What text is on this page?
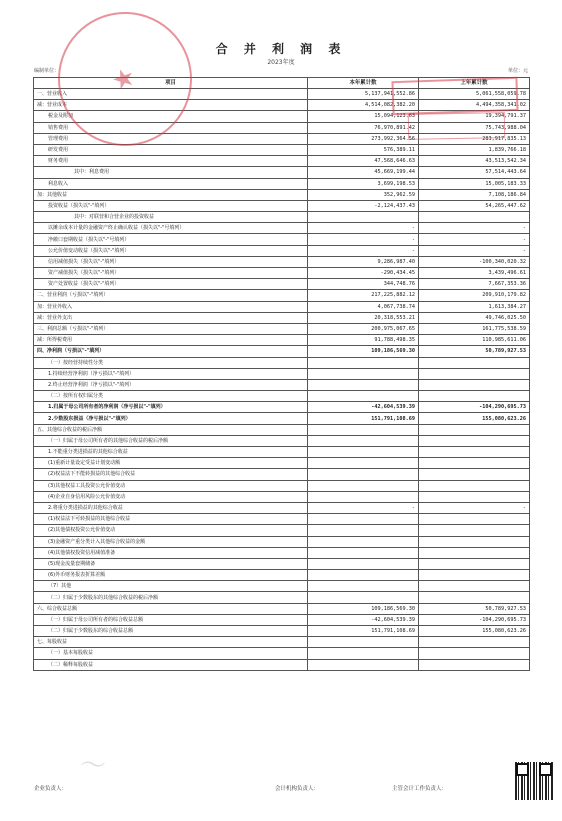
合 并 利 润 表
2023年度
编制单位：	单位：元
项目	本年累计数	上年累计数
一、营业收入	5,137,941,552.86	5,061,558,059.78
减：营业成本	4,514,082,382.20	4,494,358,341.02
税金及附加	15,094,123.63	19,394,791.37
销售费用	76,970,891.42	75,743,988.04
管理费用	273,992,364.56	283,917,835.13
研发费用	576,389.11	1,839,766.18
财务费用	47,568,646.63	43,513,542.34
其中：利息费用	45,669,199.44	57,514,443.64
利息收入	3,699,198.53	15,005,183.33
加：其他收益	352,962.59	7,108,186.84
投资收益（损失以"-"填列）	-2,124,437.43	54,265,447.62
其中：对联营和合营企业的投资收益		
以摊余成本计量的金融资产终止确认收益（损失以"-"号填列）	-	-
净敞口套期收益（损失以"-"号填列）	-	-
公允价值变动收益（损失以"-"填列）	-	-
信用减值损失（损失以"-"填列）	9,286,987.40	-100,340,020.32
资产减值损失（损失以"-"填列）	-290,434.45	3,439,496.61
资产处置收益（损失以"-"填列）	344,748.76	7,667,353.36
二、营业利润（亏损以"-"填列）	217,225,882.12	209,910,179.82
加：营业外收入	4,067,738.74	1,613,384.27
减：营业外支出	20,318,553.21	49,746,025.50
三、利润总额（亏损以"-"填列）	200,975,067.65	161,775,538.59
减：所得税费用	91,788,498.35	110,985,611.06
四、净利润（亏损以"-"填列）	109,186,569.30	50,789,927.53
（一）按经营持续性分类		
1.持续经营净利润（净亏损以"-"填列）		
2.终止经营净利润（净亏损以"-"填列）		
（二）按所有权归属分类		
1.归属于母公司所有者的净利润（净亏损以"-"填列）	-42,604,539.39	-104,290,695.73
2.少数股东损益（净亏损以"-"填列）	151,791,108.69	155,080,623.26
五、其他综合收益的税后净额		
（一）归属于母公司所有者的其他综合收益的税后净额		
1.不能重分类进损益的其他综合收益		
(1)重新计量设定受益计划变动额		
(2)权益法下不能转损益的其他综合收益		
(3)其他权益工具投资公允价值变动		
(4)企业自身信用风险公允价值变动		
2.将重分类进损益的其他综合收益	-	-
(1)权益法下可转损益的其他综合收益		
(2)其他债权投资公允价值变动		
(3)金融资产重分类计入其他综合收益的金额		
(4)其他债权投资信用减值准备		
(5)现金流量套期储备		
(6)外币财务报表折算差额		
（7）其他		
（二）归属于少数股东的其他综合收益的税后净额		
六、综合收益总额	109,186,569.30	50,789,927.53
（一）归属于母公司所有者的综合收益总额	-42,604,539.39	-104,290,695.73
（二）归属于少数股东的综合收益总额	151,791,108.69	155,080,623.26
七、每股收益		
（一）基本每股收益		
（二）稀释每股收益		
企业负责人：	会计机构负责人：	主管会计工作负责人：
★
～
